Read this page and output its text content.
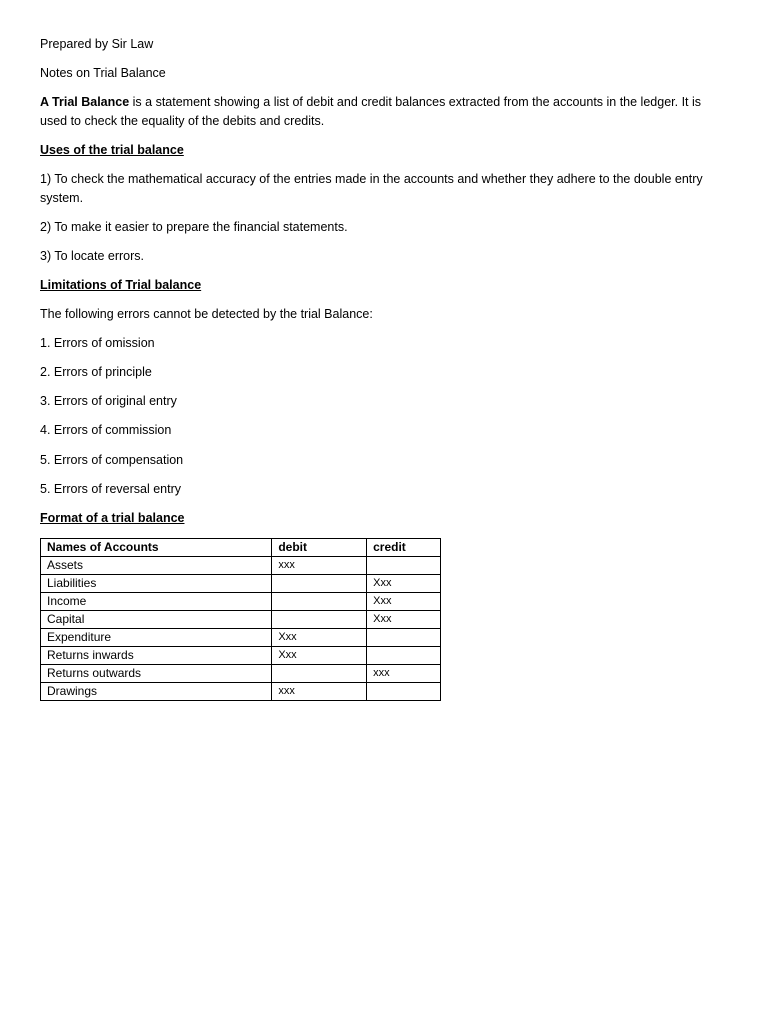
Prepared by Sir Law

Notes on Trial Balance

A Trial Balance is a statement showing a list of debit and credit balances extracted from the accounts in the ledger. It is used to check the equality of the debits and credits.

Uses of the trial balance

1) To check the mathematical accuracy of the entries made in the accounts and whether they adhere to the double entry system.

2) To make it easier to prepare the financial statements.

3) To locate errors.

Limitations of Trial balance

The following errors cannot be detected by the trial Balance:

1. Errors of omission

2. Errors of principle

3. Errors of original entry

4. Errors of commission

5. Errors of compensation

5. Errors of reversal entry

Format of a trial balance

Names of Accounts	debit	credit
Assets	xxx	
Liabilities		Xxx
Income		Xxx
Capital		Xxx
Expenditure	Xxx	
Returns inwards	Xxx	
Returns outwards		xxx
Drawings	xxx	
